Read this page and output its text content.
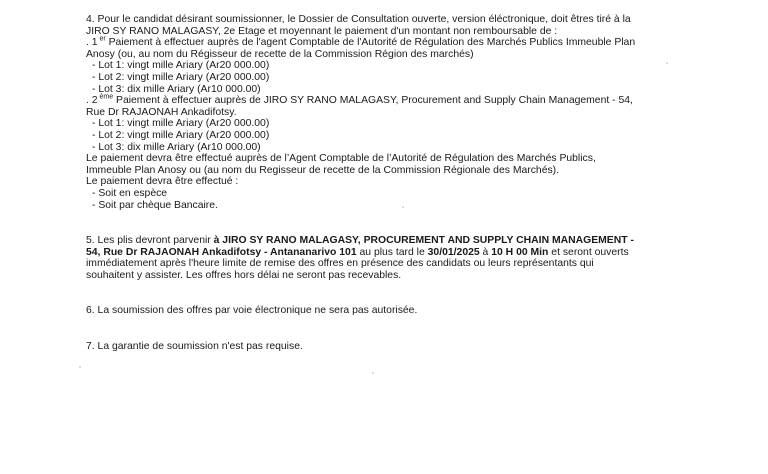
4. Pour le candidat désirant soumissionner, le Dossier de Consultation ouverte, version éléctronique, doit êtres tiré à la
JIRO SY RANO MALAGASY, 2e Etage et moyennant le paiement d'un montant non remboursable de :
. 1 $^{er}$ Paiement à effectuer auprès de l'agent Comptable de l'Autorité de Régulation des Marchés Publics Immeuble Plan
Anosy (ou, au nom du Régisseur de recette de la Commission Région des marchés)
- Lot 1: vingt mille Ariary (Ar20 000.00)
- Lot 2: vingt mille Ariary (Ar20 000.00)
- Lot 3: dix mille Ariary (Ar10 000.00)
. 2 $^{ème}$ Paiement à effectuer auprès de JIRO SY RANO MALAGASY, Procurement and Supply Chain Management - 54,
Rue Dr RAJAONAH Ankadifotsy.
- Lot 1: vingt mille Ariary (Ar20 000.00)
- Lot 2: vingt mille Ariary (Ar20 000.00)
- Lot 3: dix mille Ariary (Ar10 000.00)
Le paiement devra être effectué auprès de l’Agent Comptable de l’Autorité de Régulation des Marchés Publics,
Immeuble Plan Anosy ou (au nom du Regisseur de recette de la Commission Régionale des Marchés).
Le paiement devra être effectué :
- Soit en espèce
- Soit par chèque Bancaire.
5. Les plis devront parvenir à JIRO SY RANO MALAGASY, PROCUREMENT AND SUPPLY CHAIN MANAGEMENT -
54, Rue Dr RAJAONAH Ankadifotsy - Antananarivo 101 au plus tard le 30/01/2025 à 10 H 00 Min et seront ouverts
immédiatement après l'heure limite de remise des offres en présence des candidats ou leurs représentants qui
souhaitent y assister. Les offres hors délai ne seront pas recevables.
6. La soumission des offres par voie électronique ne sera pas autorisée.
7. La garantie de soumission n'est pas requise.
